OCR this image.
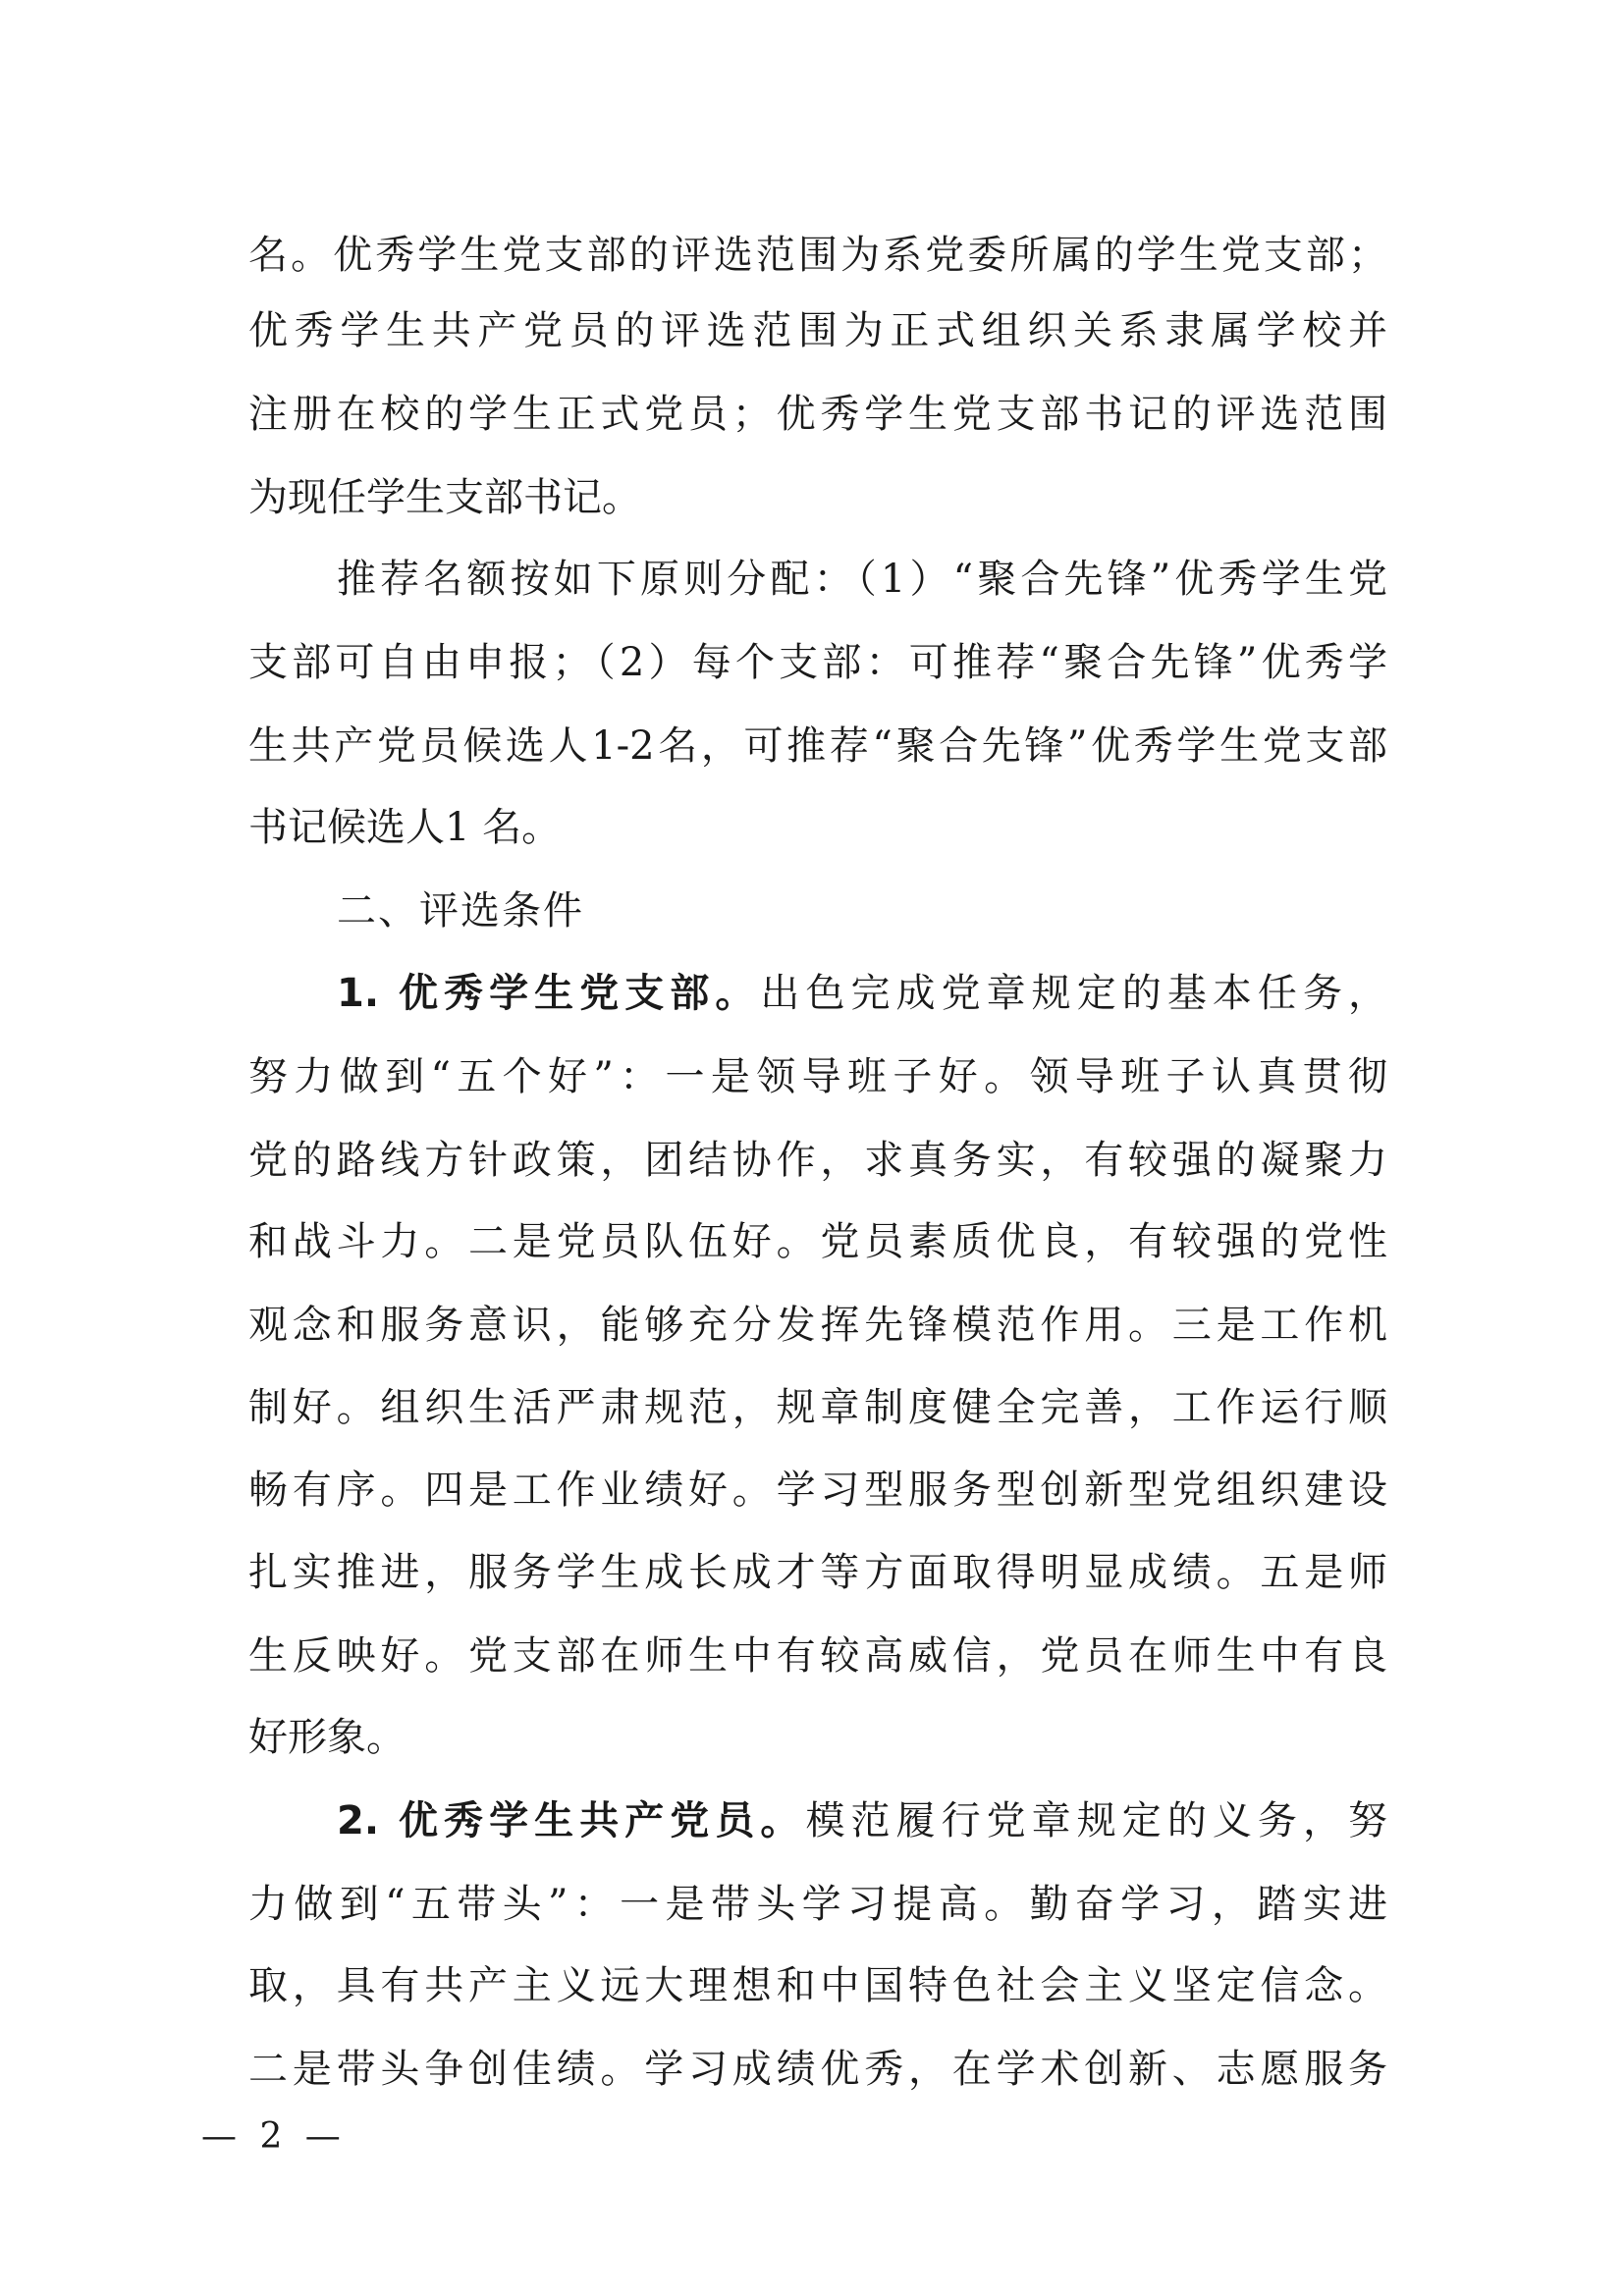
名。优秀学生党支部的评选范围为系党委所属的学生党支部；

优秀学生共产党员的评选范围为正式组织关系隶属学校并

注册在校的学生正式党员；优秀学生党支部书记的评选范围

为现任学生支部书记。

推荐名额按如下原则分配：（1）“聚合先锋”优秀学生党

支部可自由申报；（2）每个支部：可推荐“聚合先锋”优秀学

生共产党员候选人1-2名，可推荐“聚合先锋”优秀学生党支部

书记候选人1 名。

二、评选条件

1. 优秀学生党支部。出色完成党章规定的基本任务，

努力做到“五个好”：一是领导班子好。领导班子认真贯彻

党的路线方针政策，团结协作，求真务实，有较强的凝聚力

和战斗力。二是党员队伍好。党员素质优良，有较强的党性

观念和服务意识，能够充分发挥先锋模范作用。三是工作机

制好。组织生活严肃规范，规章制度健全完善，工作运行顺

畅有序。四是工作业绩好。学习型服务型创新型党组织建设

扎实推进，服务学生成长成才等方面取得明显成绩。五是师

生反映好。党支部在师生中有较高威信，党员在师生中有良

好形象。

2. 优秀学生共产党员。模范履行党章规定的义务，努

力做到“五带头”：一是带头学习提高。勤奋学习，踏实进

取，具有共产主义远大理想和中国特色社会主义坚定信念。

二是带头争创佳绩。学习成绩优秀，在学术创新、志愿服务

— 2 —
